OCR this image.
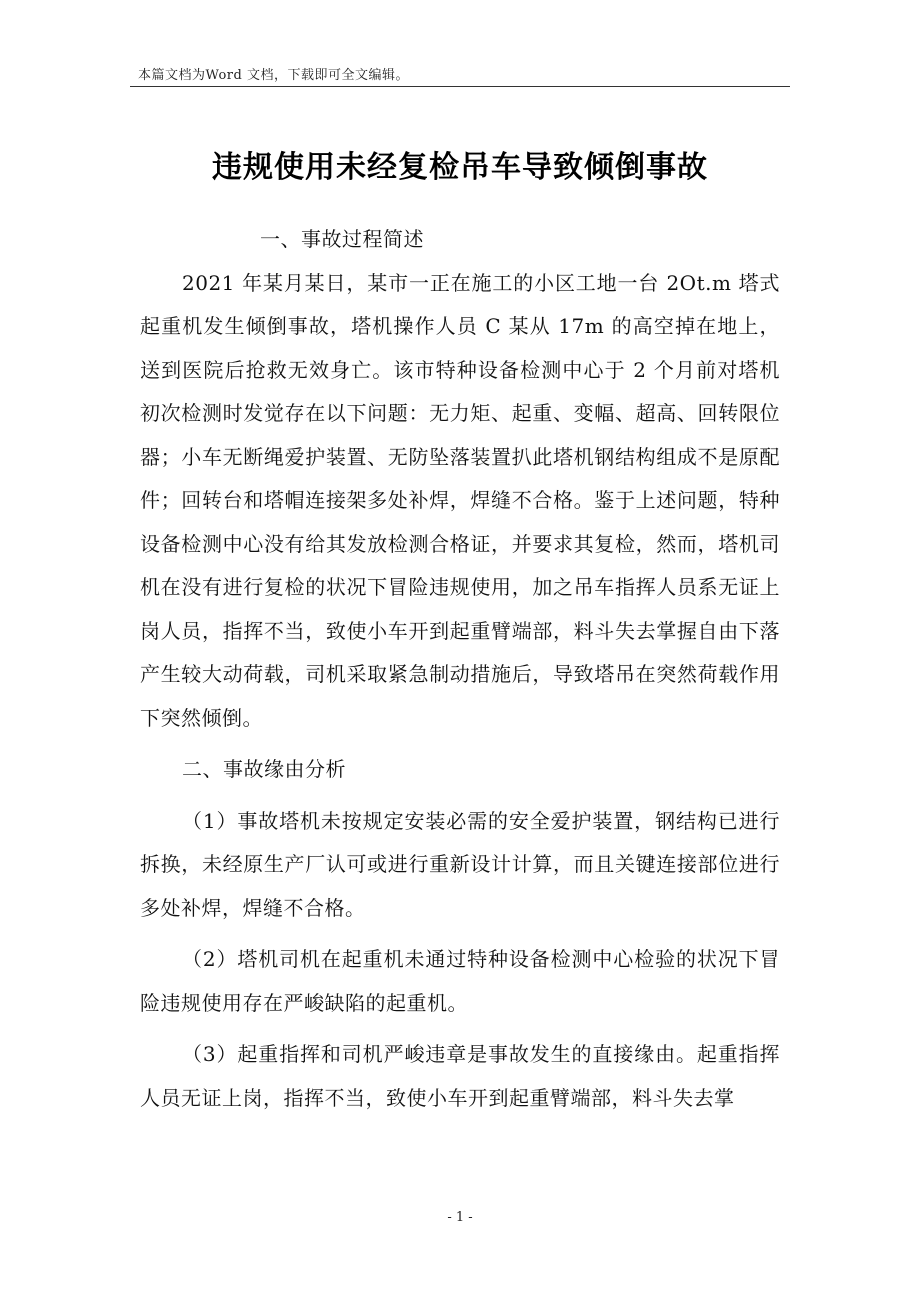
本篇文档为Word 文档，下载即可全文编辑。
违规使用未经复检吊车导致倾倒事故

一、事故过程简述

2021 年某月某日，某市一正在施工的小区工地一台 2Ot.m 塔式起重机发生倾倒事故，塔机操作人员 C 某从 17m 的高空掉在地上，送到医院后抢救无效身亡。该市特种设备检测中心于 2 个月前对塔机初次检测时发觉存在以下问题：无力矩、起重、变幅、超高、回转限位器；小车无断绳爱护装置、无防坠落装置扒此塔机钢结构组成不是原配件；回转台和塔帽连接架多处补焊，焊缝不合格。鉴于上述问题，特种设备检测中心没有给其发放检测合格证，并要求其复检，然而，塔机司机在没有进行复检的状况下冒险违规使用，加之吊车指挥人员系无证上岗人员，指挥不当，致使小车开到起重臂端部，料斗失去掌握自由下落产生较大动荷载，司机采取紧急制动措施后，导致塔吊在突然荷载作用下突然倾倒。

二、事故缘由分析

（1）事故塔机未按规定安装必需的安全爱护装置，钢结构已进行拆换，未经原生产厂认可或进行重新设计计算，而且关键连接部位进行多处补焊，焊缝不合格。

（2）塔机司机在起重机未通过特种设备检测中心检验的状况下冒险违规使用存在严峻缺陷的起重机。

（3）起重指挥和司机严峻违章是事故发生的直接缘由。起重指挥人员无证上岗，指挥不当，致使小车开到起重臂端部，料斗失去掌

- 1 -
